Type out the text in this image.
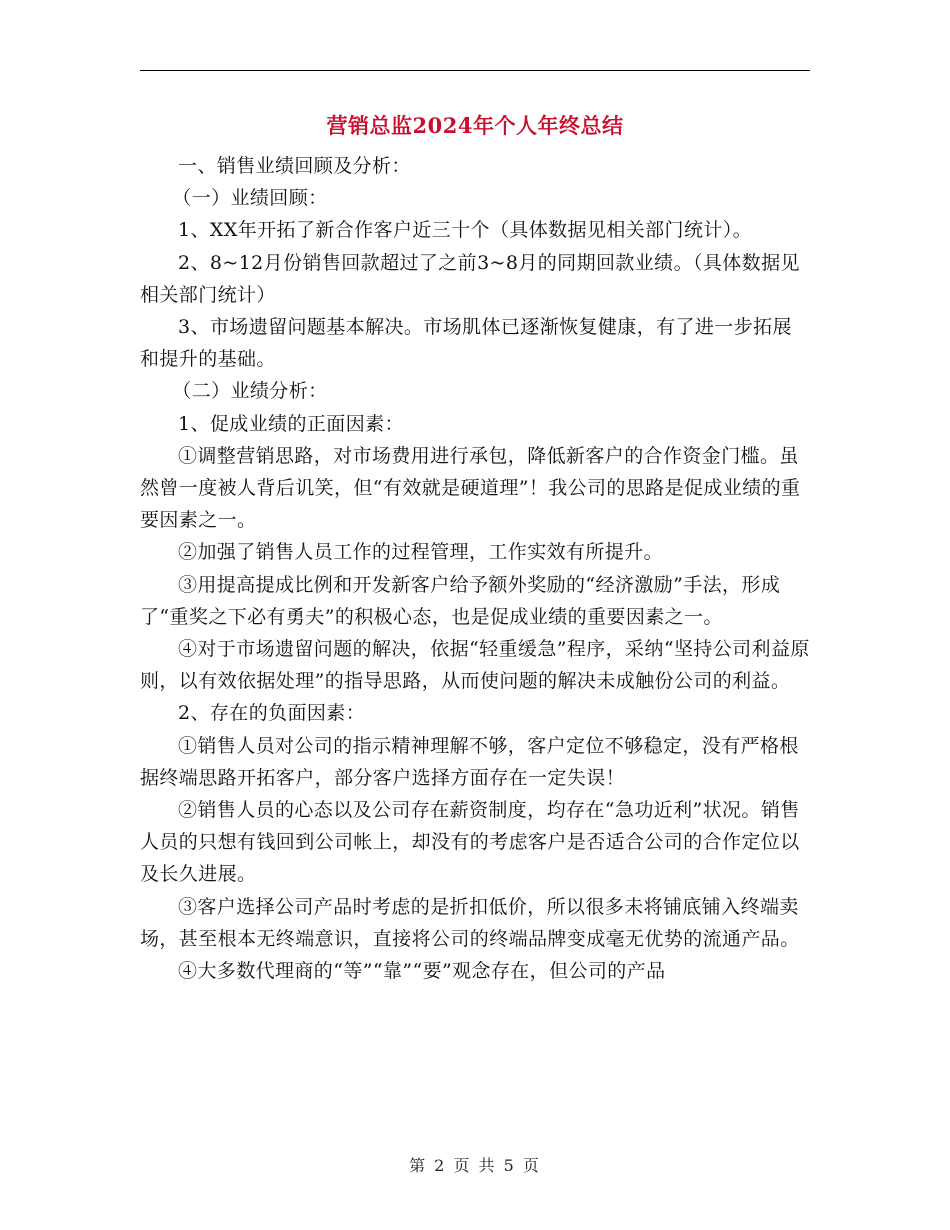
营销总监2024年个人年终总结

一、销售业绩回顾及分析：

（一）业绩回顾：

1、XX年开拓了新合作客户近三十个（具体数据见相关部门统计）。

2、8~12月份销售回款超过了之前3~8月的同期回款业绩。（具体数据见相关部门统计）

3、市场遗留问题基本解决。市场肌体已逐渐恢复健康，有了进一步拓展和提升的基础。

（二）业绩分析：

1、促成业绩的正面因素：

①调整营销思路，对市场费用进行承包，降低新客户的合作资金门槛。虽然曾一度被人背后讥笑，但“有效就是硬道理”！我公司的思路是促成业绩的重要因素之一。

②加强了销售人员工作的过程管理，工作实效有所提升。

③用提高提成比例和开发新客户给予额外奖励的“经济激励”手法，形成了“重奖之下必有勇夫”的积极心态，也是促成业绩的重要因素之一。

④对于市场遗留问题的解决，依据“轻重缓急”程序，采纳“坚持公司利益原则，以有效依据处理”的指导思路，从而使问题的解决未成触份公司的利益。

2、存在的负面因素：

①销售人员对公司的指示精神理解不够，客户定位不够稳定，没有严格根据终端思路开拓客户，部分客户选择方面存在一定失误！

②销售人员的心态以及公司存在薪资制度，均存在“急功近利”状况。销售人员的只想有钱回到公司帐上，却没有的考虑客户是否适合公司的合作定位以及长久进展。

③客户选择公司产品时考虑的是折扣低价，所以很多未将铺底铺入终端卖场，甚至根本无终端意识，直接将公司的终端品牌变成毫无优势的流通产品。

④大多数代理商的“等”“靠”“要”观念存在，但公司的产品

第 2 页 共 5 页
